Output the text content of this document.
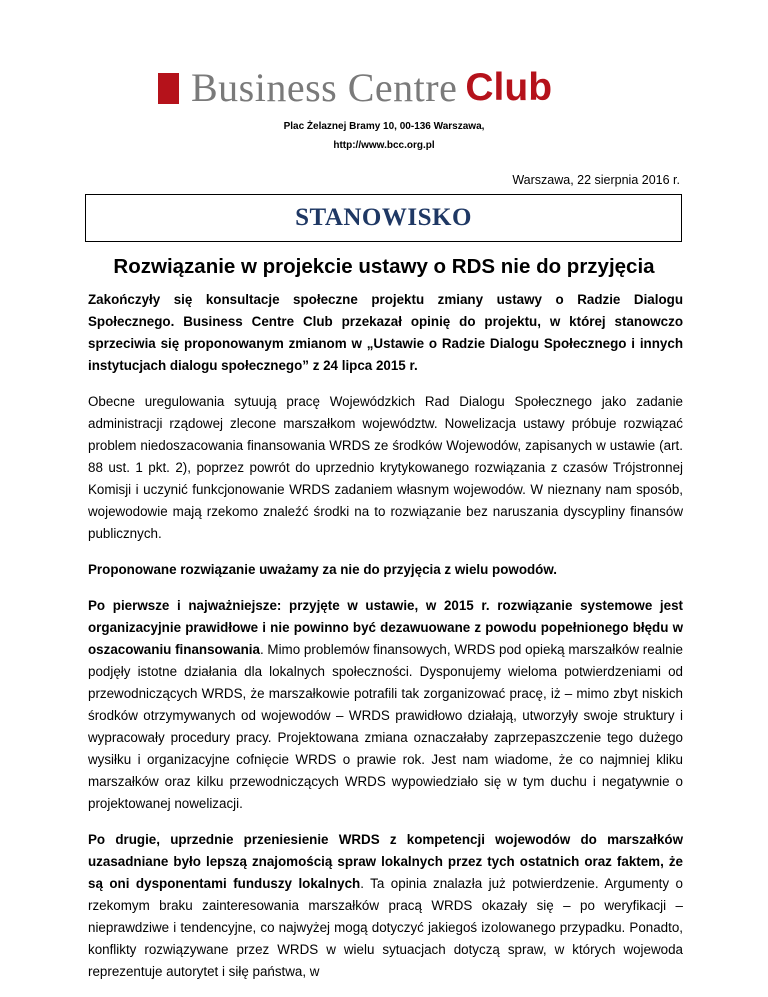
Business Centre Club
Plac Żelaznej Bramy 10, 00-136 Warszawa,
http://www.bcc.org.pl
Warszawa, 22 sierpnia 2016 r.
STANOWISKO
Rozwiązanie w projekcie ustawy o RDS nie do przyjęcia

Zakończyły się konsultacje społeczne projektu zmiany ustawy o Radzie Dialogu Społecznego. Business Centre Club przekazał opinię do projektu, w której stanowczo sprzeciwia się proponowanym zmianom w „Ustawie o Radzie Dialogu Społecznego i innych instytucjach dialogu społecznego” z 24 lipca 2015 r.

Obecne uregulowania sytuują pracę Wojewódzkich Rad Dialogu Społecznego jako zadanie administracji rządowej zlecone marszałkom województw. Nowelizacja ustawy próbuje rozwiązać problem niedoszacowania finansowania WRDS ze środków Wojewodów, zapisanych w ustawie (art. 88 ust. 1 pkt. 2), poprzez powrót do uprzednio krytykowanego rozwiązania z czasów Trójstronnej Komisji i uczynić funkcjonowanie WRDS zadaniem własnym wojewodów. W nieznany nam sposób, wojewodowie mają rzekomo znaleźć środki na to rozwiązanie bez naruszania dyscypliny finansów publicznych.

Proponowane rozwiązanie uważamy za nie do przyjęcia z wielu powodów.

Po pierwsze i najważniejsze: przyjęte w ustawie, w 2015 r. rozwiązanie systemowe jest organizacyjnie prawidłowe i nie powinno być dezawuowane z powodu popełnionego błędu w oszacowaniu finansowania. Mimo problemów finansowych, WRDS pod opieką marszałków realnie podjęły istotne działania dla lokalnych społeczności. Dysponujemy wieloma potwierdzeniami od przewodniczących WRDS, że marszałkowie potrafili tak zorganizować pracę, iż – mimo zbyt niskich środków otrzymywanych od wojewodów – WRDS prawidłowo działają, utworzyły swoje struktury i wypracowały procedury pracy. Projektowana zmiana oznaczałaby zaprzepaszczenie tego dużego wysiłku i organizacyjne cofnięcie WRDS o prawie rok. Jest nam wiadome, że co najmniej kliku marszałków oraz kilku przewodniczących WRDS wypowiedziało się w tym duchu i negatywnie o projektowanej nowelizacji.

Po drugie, uprzednie przeniesienie WRDS z kompetencji wojewodów do marszałków uzasadniane było lepszą znajomością spraw lokalnych przez tych ostatnich oraz faktem, że są oni dysponentami funduszy lokalnych. Ta opinia znalazła już potwierdzenie. Argumenty o rzekomym braku zainteresowania marszałków pracą WRDS okazały się – po weryfikacji – nieprawdziwe i tendencyjne, co najwyżej mogą dotyczyć jakiegoś izolowanego przypadku. Ponadto, konflikty rozwiązywane przez WRDS w wielu sytuacjach dotyczą spraw, w których wojewoda reprezentuje autorytet i siłę państwa, w
